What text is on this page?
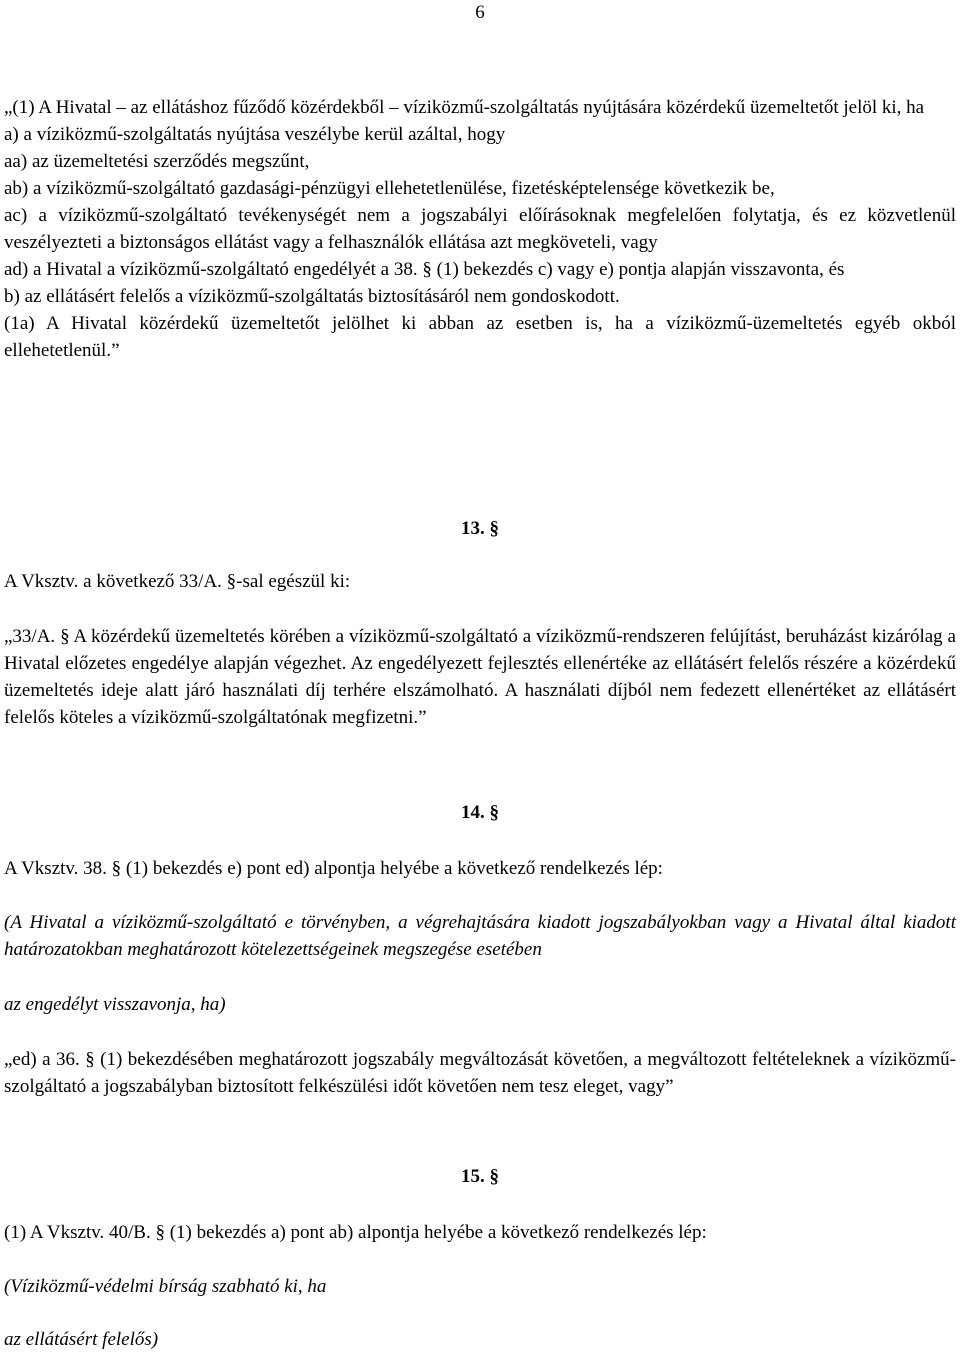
6
„(1) A Hivatal – az ellátáshoz fűződő közérdekből – víziközmű-szolgáltatás nyújtására közérdekű üzemeltetőt jelöl ki, ha
a) a víziközmű-szolgáltatás nyújtása veszélybe kerül azáltal, hogy
aa) az üzemeltetési szerződés megszűnt,
ab) a víziközmű-szolgáltató gazdasági-pénzügyi ellehetetlenülése, fizetésképtelensége következik be,
ac) a víziközmű-szolgáltató tevékenységét nem a jogszabályi előírásoknak megfelelően folytatja, és ez közvetlenül veszélyezteti a biztonságos ellátást vagy a felhasználók ellátása azt megköveteli, vagy
ad) a Hivatal a víziközmű-szolgáltató engedélyét a 38. § (1) bekezdés c) vagy e) pontja alapján visszavonta, és
b) az ellátásért felelős a víziközmű-szolgáltatás biztosításáról nem gondoskodott.
(1a) A Hivatal közérdekű üzemeltetőt jelölhet ki abban az esetben is, ha a víziközmű-üzemeltetés egyéb okból ellehetetlenül.”
13. §
A Vksztv. a következő 33/A. §-sal egészül ki:
„33/A. § A közérdekű üzemeltetés körében a víziközmű-szolgáltató a víziközmű-rendszeren felújítást, beruházást kizárólag a Hivatal előzetes engedélye alapján végezhet. Az engedélyezett fejlesztés ellenértéke az ellátásért felelős részére a közérdekű üzemeltetés ideje alatt járó használati díj terhére elszámolható. A használati díjból nem fedezett ellenértéket az ellátásért felelős köteles a víziközmű-szolgáltatónak megfizetni.”
14. §
A Vksztv. 38. § (1) bekezdés e) pont ed) alpontja helyébe a következő rendelkezés lép:
(A Hivatal a víziközmű-szolgáltató e törvényben, a végrehajtására kiadott jogszabályokban vagy a Hivatal által kiadott határozatokban meghatározott kötelezettségeinek megszegése esetében
az engedélyt visszavonja, ha)
„ed) a 36. § (1) bekezdésében meghatározott jogszabály megváltozását követően, a megváltozott feltételeknek a víziközmű-szolgáltató a jogszabályban biztosított felkészülési időt követően nem tesz eleget, vagy”
15. §
(1) A Vksztv. 40/B. § (1) bekezdés a) pont ab) alpontja helyébe a következő rendelkezés lép:
(Víziközmű-védelmi bírság szabható ki, ha
az ellátásért felelős)
